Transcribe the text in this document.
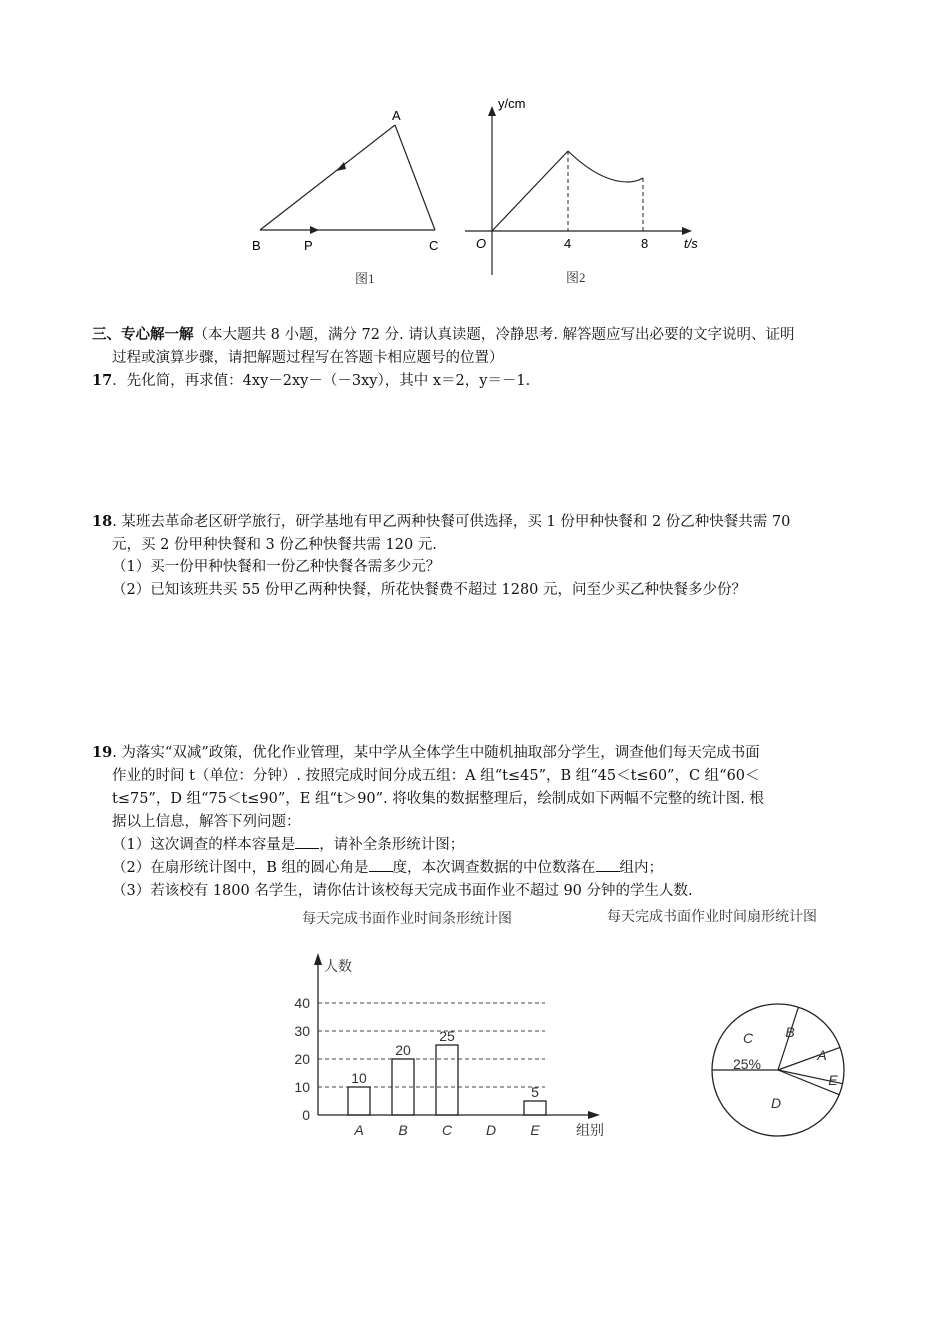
A
B	P	C
图1
y/cm
t/s
O	4	8
图2
三、专心解一解（本大题共 8 小题，满分 72 分. 请认真读题，冷静思考. 解答题应写出必要的文字说明、证明
过程或演算步骤，请把解题过程写在答题卡相应题号的位置）
17．先化简，再求值：4xy－2xy－（－3xy），其中 x＝2，y＝－1.
18. 某班去革命老区研学旅行，研学基地有甲乙两种快餐可供选择，买 1 份甲种快餐和 2 份乙种快餐共需 70
元，买 2 份甲种快餐和 3 份乙种快餐共需 120 元.
（1）买一份甲种快餐和一份乙种快餐各需多少元？
（2）已知该班共买 55 份甲乙两种快餐，所花快餐费不超过 1280 元，问至少买乙种快餐多少份？
19. 为落实“双减”政策，优化作业管理，某中学从全体学生中随机抽取部分学生，调查他们每天完成书面
作业的时间 t（单位：分钟）. 按照完成时间分成五组：A 组“t≤45”，B 组“45＜t≤60”，C 组“60＜
t≤75”，D 组“75＜t≤90”，E 组“t＞90”. 将收集的数据整理后，绘制成如下两幅不完整的统计图. 根
据以上信息，解答下列问题：
（1）这次调查的样本容量是 ，请补全条形统计图；
（2）在扇形统计图中，B 组的圆心角是 度，本次调查数据的中位数落在 组内；
（3）若该校有 1800 名学生，请你估计该校每天完成书面作业不超过 90 分钟的学生人数.
每天完成书面作业时间条形统计图
人数
组别
0
10
20
30
40
10
A
20
B
25
C D
5
E
每天完成书面作业时间扇形统计图
A
B
C
D
E
25%
